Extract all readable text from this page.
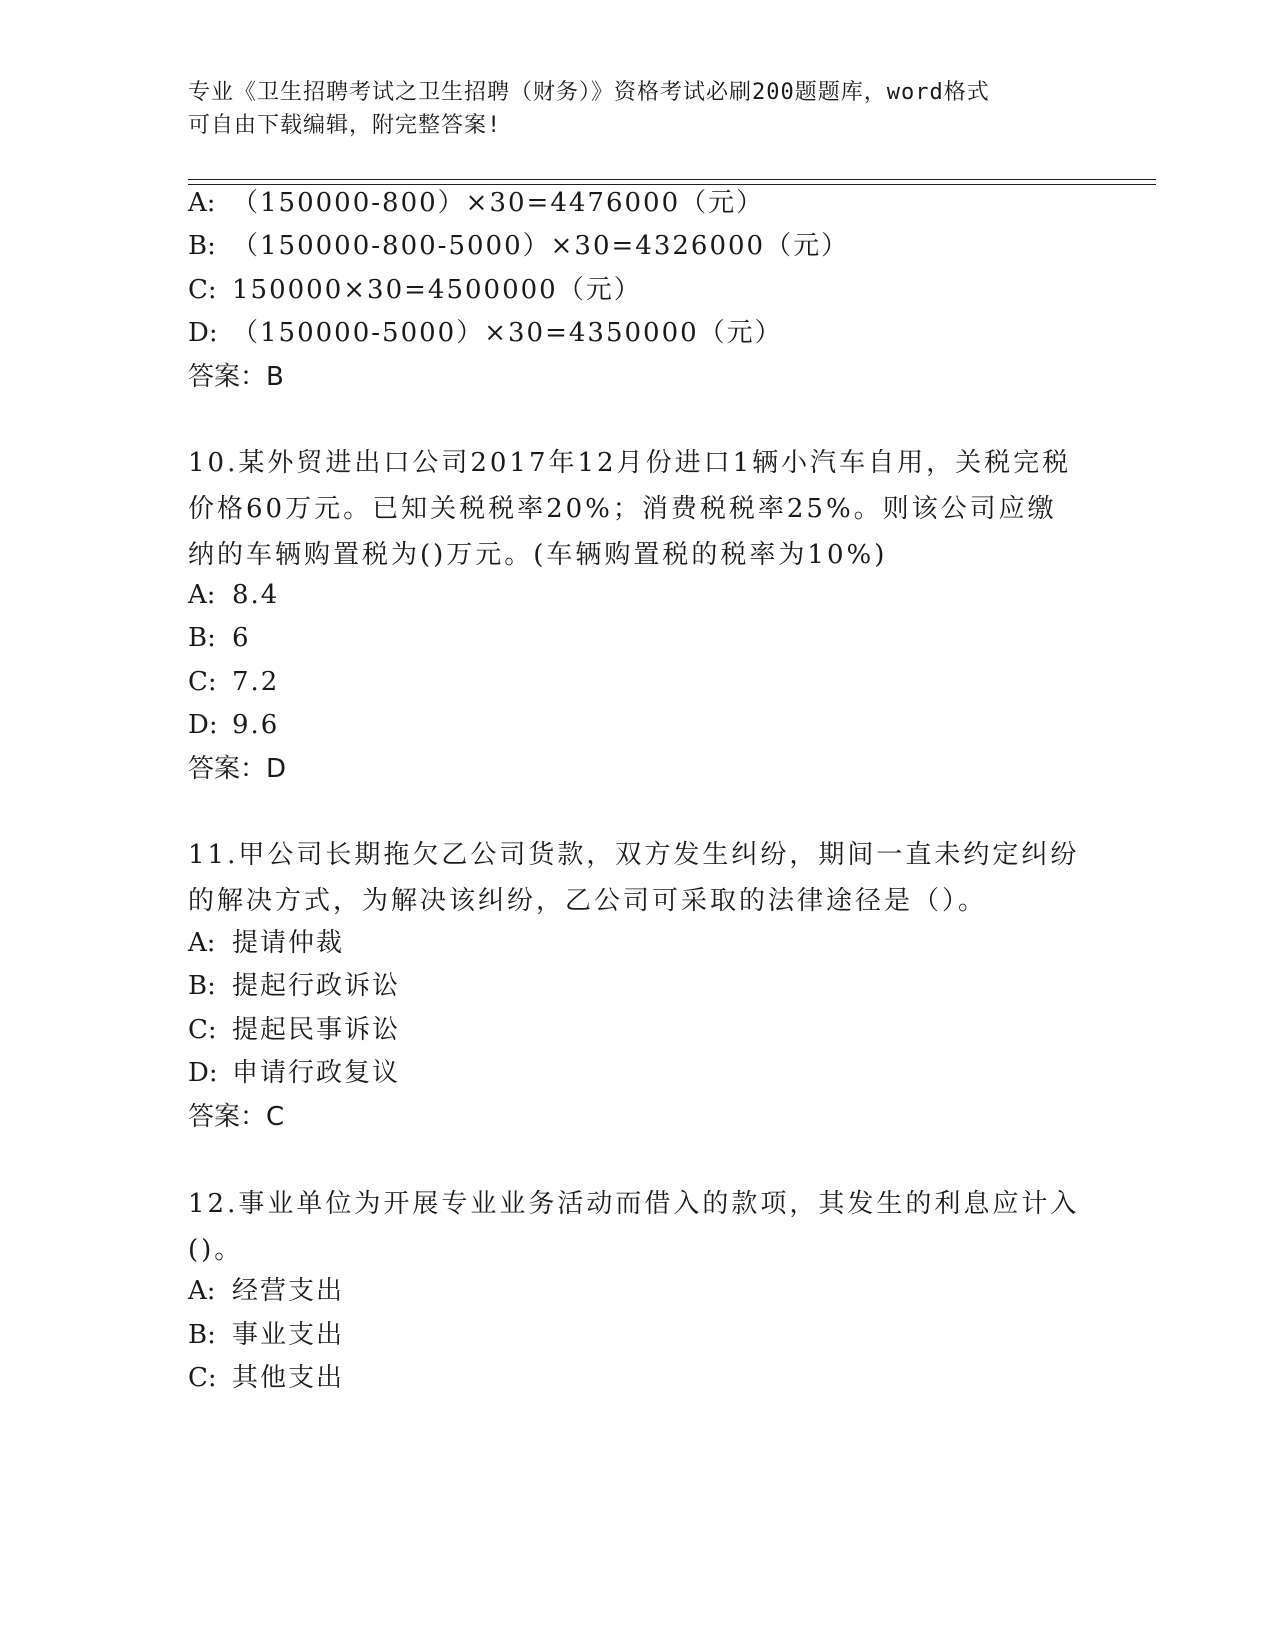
专业《卫生招聘考试之卫生招聘（财务）》资格考试必刷200题题库，word格式
可自由下载编辑，附完整答案!
A: （150000-800）×30=4476000（元）
B: （150000-800-5000）×30=4326000（元）
C: 150000×30=4500000（元）
D: （150000-5000）×30=4350000（元）
答案：B
10.某外贸进出口公司2017年12月份进口1辆小汽车自用，关税完税
价格60万元。已知关税税率20%；消费税税率25%。则该公司应缴
纳的车辆购置税为()万元。(车辆购置税的税率为10%)
A: 8.4
B: 6
C: 7.2
D: 9.6
答案：D
11.甲公司长期拖欠乙公司货款，双方发生纠纷，期间一直未约定纠纷
的解决方式，为解决该纠纷，乙公司可采取的法律途径是（）。
A: 提请仲裁
B: 提起行政诉讼
C: 提起民事诉讼
D: 申请行政复议
答案：C
12.事业单位为开展专业业务活动而借入的款项，其发生的利息应计入
()。
A: 经营支出
B: 事业支出
C: 其他支出
